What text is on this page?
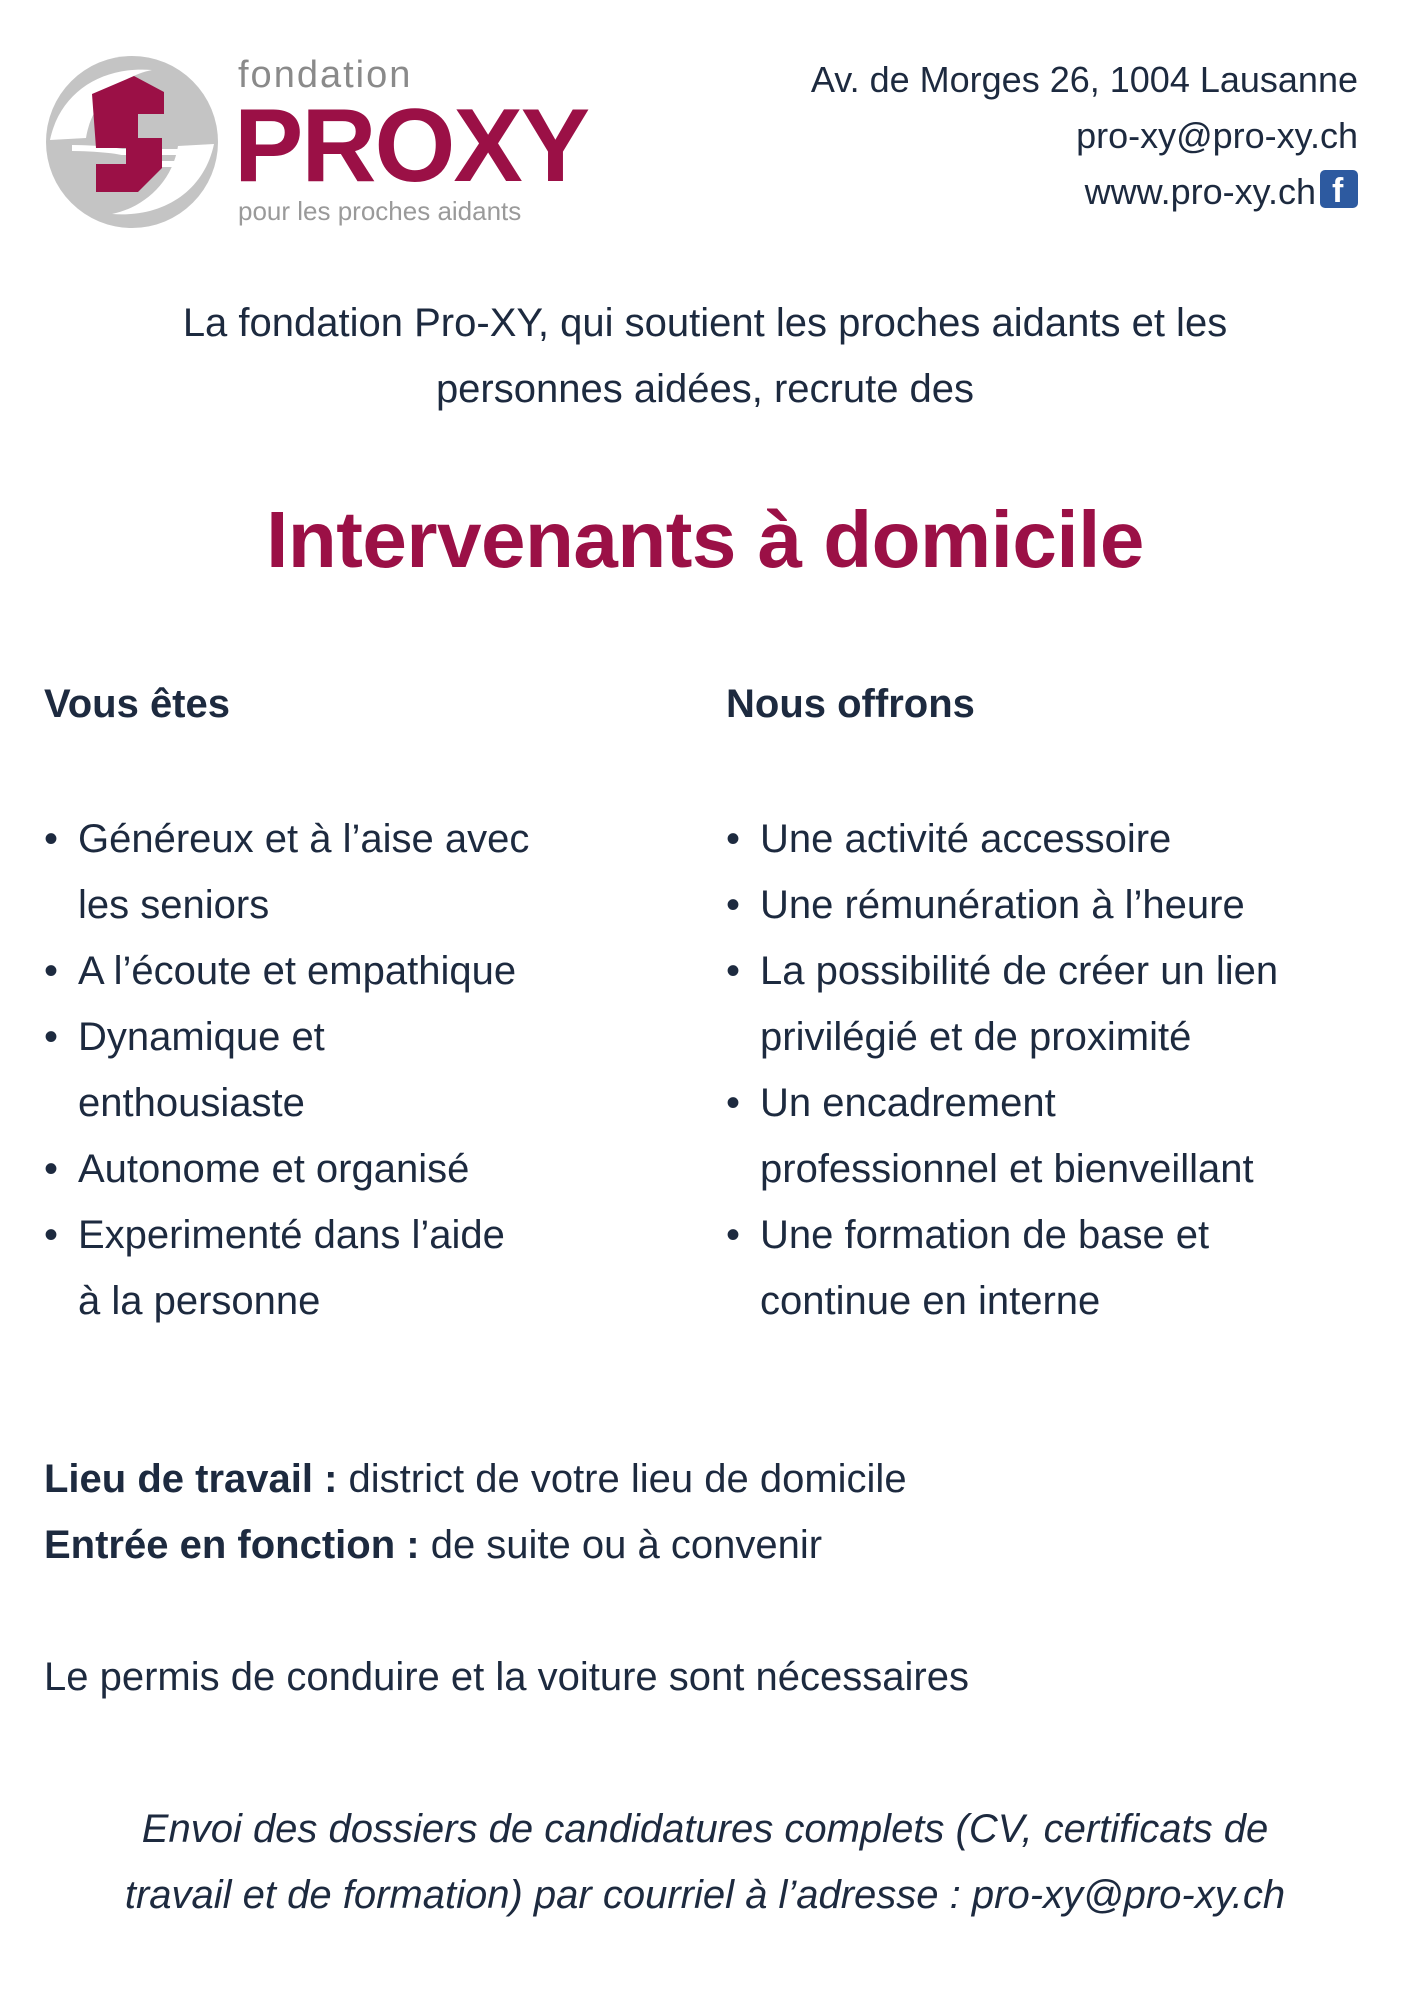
fondation
PROXY
pour les proches aidants
Av. de Morges 26, 1004 Lausanne
pro-xy@pro-xy.ch
www.pro-xy.ch f
La fondation Pro-XY, qui soutient les proches aidants et les
personnes aidées, recrute des
Intervenants à domicile
Vous êtes
• Généreux et à l’aise avec
les seniors
• A l’écoute et empathique
• Dynamique et
enthousiaste
• Autonome et organisé
• Experimenté dans l’aide
à la personne
Nous offrons
• Une activité accessoire
• Une rémunération à l’heure
• La possibilité de créer un lien
privilégié et de proximité
• Un encadrement
professionnel et bienveillant
• Une formation de base et
continue en interne
Lieu de travail : district de votre lieu de domicile
Entrée en fonction : de suite ou à convenir
Le permis de conduire et la voiture sont nécessaires
Envoi des dossiers de candidatures complets (CV, certificats de
travail et de formation) par courriel à l’adresse : pro-xy@pro-xy.ch
